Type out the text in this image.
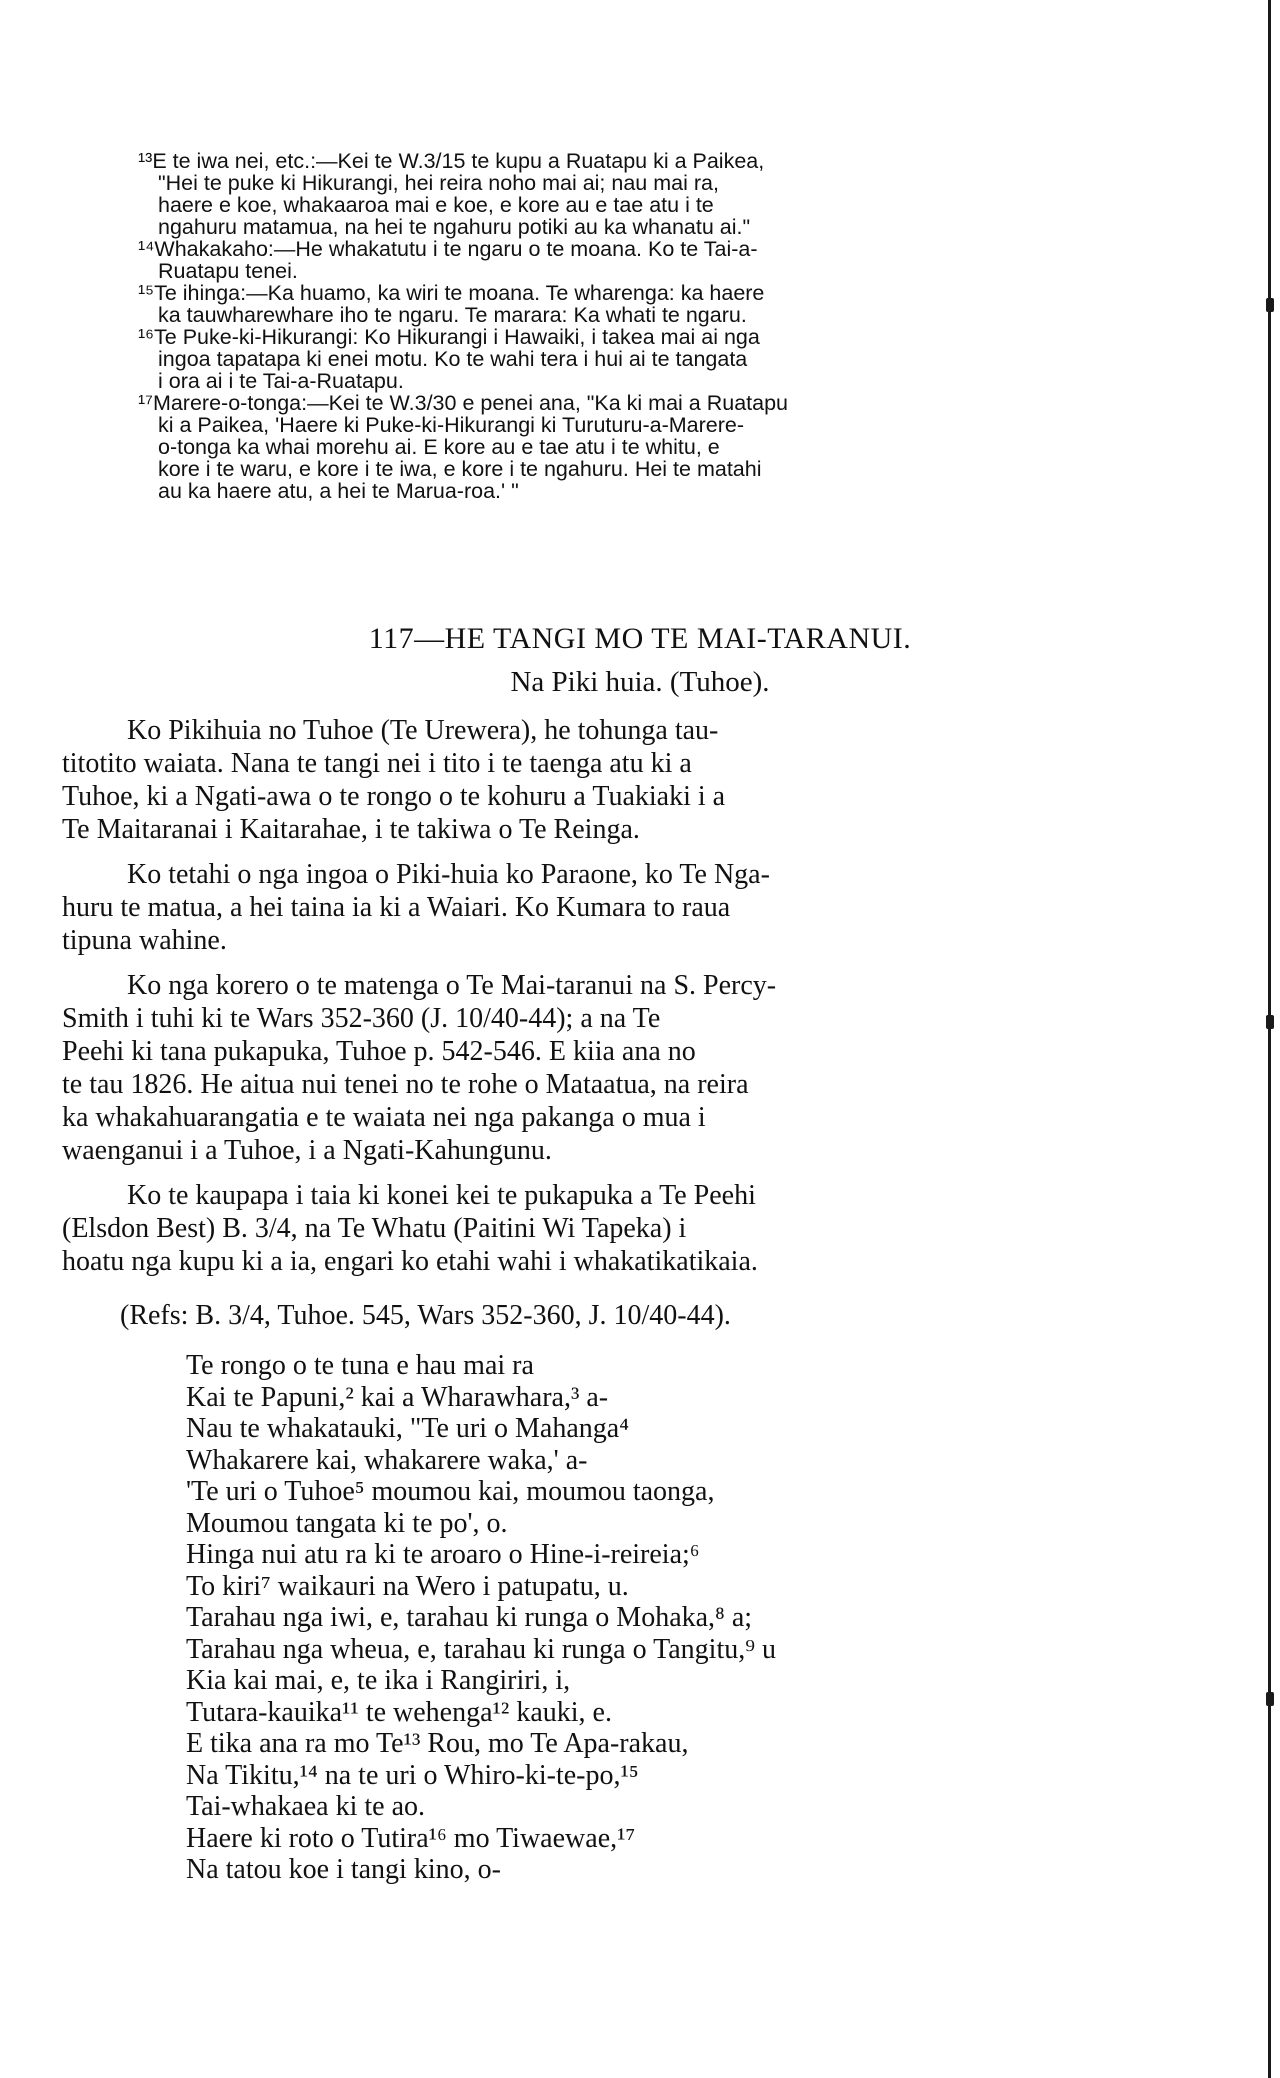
¹³E te iwa nei, etc.:—Kei te W.3/15 te kupu a Ruatapu ki a Paikea,
"Hei te puke ki Hikurangi, hei reira noho mai ai; nau mai ra,
haere e koe, whakaaroa mai e koe, e kore au e tae atu i te
ngahuru matamua, na hei te ngahuru potiki au ka whanatu ai."
¹⁴Whakakaho:—He whakatutu i te ngaru o te moana. Ko te Tai-a-
Ruatapu tenei.
¹⁵Te ihinga:—Ka huamo, ka wiri te moana. Te wharenga: ka haere
ka tauwharewhare iho te ngaru. Te marara: Ka whati te ngaru.
¹⁶Te Puke-ki-Hikurangi: Ko Hikurangi i Hawaiki, i takea mai ai nga
ingoa tapatapa ki enei motu. Ko te wahi tera i hui ai te tangata
i ora ai i te Tai-a-Ruatapu.
¹⁷Marere-o-tonga:—Kei te W.3/30 e penei ana, "Ka ki mai a Ruatapu
ki a Paikea, 'Haere ki Puke-ki-Hikurangi ki Turuturu-a-Marere-
o-tonga ka whai morehu ai. E kore au e tae atu i te whitu, e
kore i te waru, e kore i te iwa, e kore i te ngahuru. Hei te matahi
au ka haere atu, a hei te Marua-roa.' "
117—HE TANGI MO TE MAI-TARANUI.
Na Piki huia. (Tuhoe).

Ko Pikihuia no Tuhoe (Te Urewera), he tohunga tau-
titotito waiata. Nana te tangi nei i tito i te taenga atu ki a
Tuhoe, ki a Ngati-awa o te rongo o te kohuru a Tuakiaki i a
Te Maitaranai i Kaitarahae, i te takiwa o Te Reinga.

Ko tetahi o nga ingoa o Piki-huia ko Paraone, ko Te Nga-
huru te matua, a hei taina ia ki a Waiari. Ko Kumara to raua
tipuna wahine.

Ko nga korero o te matenga o Te Mai-taranui na S. Percy-
Smith i tuhi ki te Wars 352-360 (J. 10/40-44); a na Te
Peehi ki tana pukapuka, Tuhoe p. 542-546. E kiia ana no
te tau 1826. He aitua nui tenei no te rohe o Mataatua, na reira
ka whakahuarangatia e te waiata nei nga pakanga o mua i
waenganui i a Tuhoe, i a Ngati-Kahungunu.

Ko te kaupapa i taia ki konei kei te pukapuka a Te Peehi
(Elsdon Best) B. 3/4, na Te Whatu (Paitini Wi Tapeka) i
hoatu nga kupu ki a ia, engari ko etahi wahi i whakatikatikaia.

(Refs: B. 3/4, Tuhoe. 545, Wars 352-360, J. 10/40-44).
Te rongo o te tuna e hau mai ra
Kai te Papuni,² kai a Wharawhara,³ a-
Nau te whakatauki, "Te uri o Mahanga⁴
Whakarere kai, whakarere waka,' a-
'Te uri o Tuhoe⁵ moumou kai, moumou taonga,
Moumou tangata ki te po', o.
Hinga nui atu ra ki te aroaro o Hine-i-reireia;⁶
To kiri⁷ waikauri na Wero i patupatu, u.
Tarahau nga iwi, e, tarahau ki runga o Mohaka,⁸ a;
Tarahau nga wheua, e, tarahau ki runga o Tangitu,⁹ u
Kia kai mai, e, te ika i Rangiriri, i,
Tutara-kauika¹¹ te wehenga¹² kauki, e.
E tika ana ra mo Te¹³ Rou, mo Te Apa-rakau,
Na Tikitu,¹⁴ na te uri o Whiro-ki-te-po,¹⁵
Tai-whakaea ki te ao.
Haere ki roto o Tutira¹⁶ mo Tiwaewae,¹⁷
Na tatou koe i tangi kino, o-
